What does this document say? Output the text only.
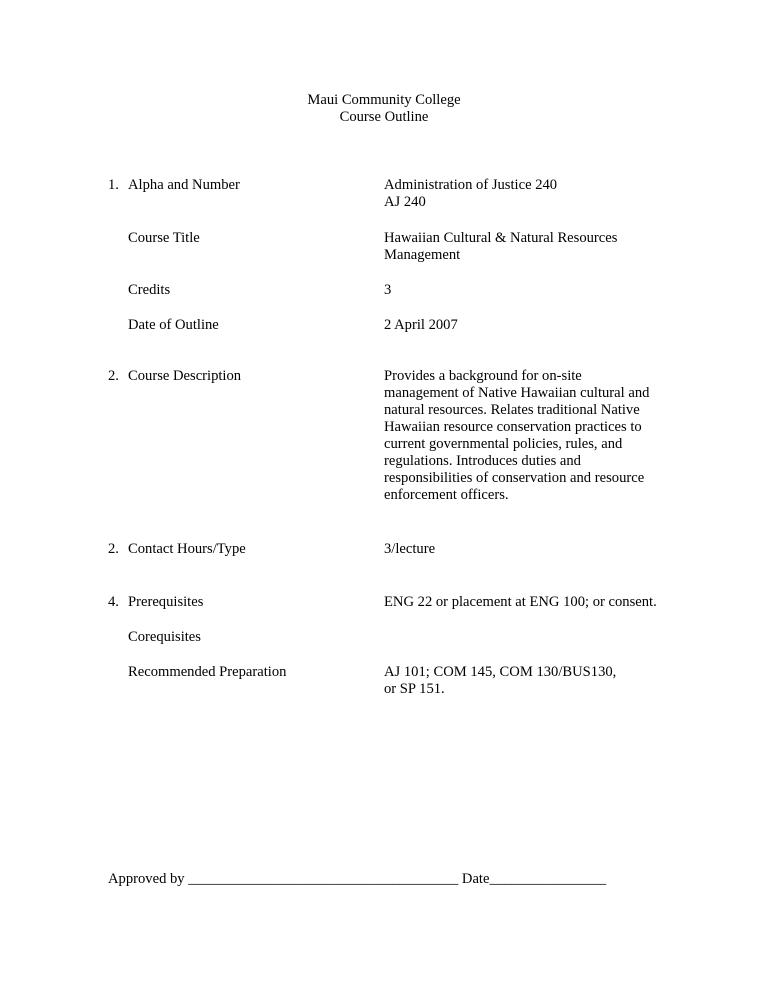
Maui Community College
Course Outline
1. Alpha and Number	Administration of Justice 240
AJ 240
Course Title	Hawaiian Cultural & Natural Resources
Management
Credits	3
Date of Outline	2 April 2007
2. Course Description	Provides a background for on-site
management of Native Hawaiian cultural and
natural resources. Relates traditional Native
Hawaiian resource conservation practices to
current governmental policies, rules, and
regulations. Introduces duties and
responsibilities of conservation and resource
enforcement officers.
2. Contact Hours/Type	3/lecture
4. Prerequisites	ENG 22 or placement at ENG 100; or consent.
Corequisites
Recommended Preparation	AJ 101; COM 145, COM 130/BUS130,
or SP 151.
Approved by _____________________________________ Date________________
